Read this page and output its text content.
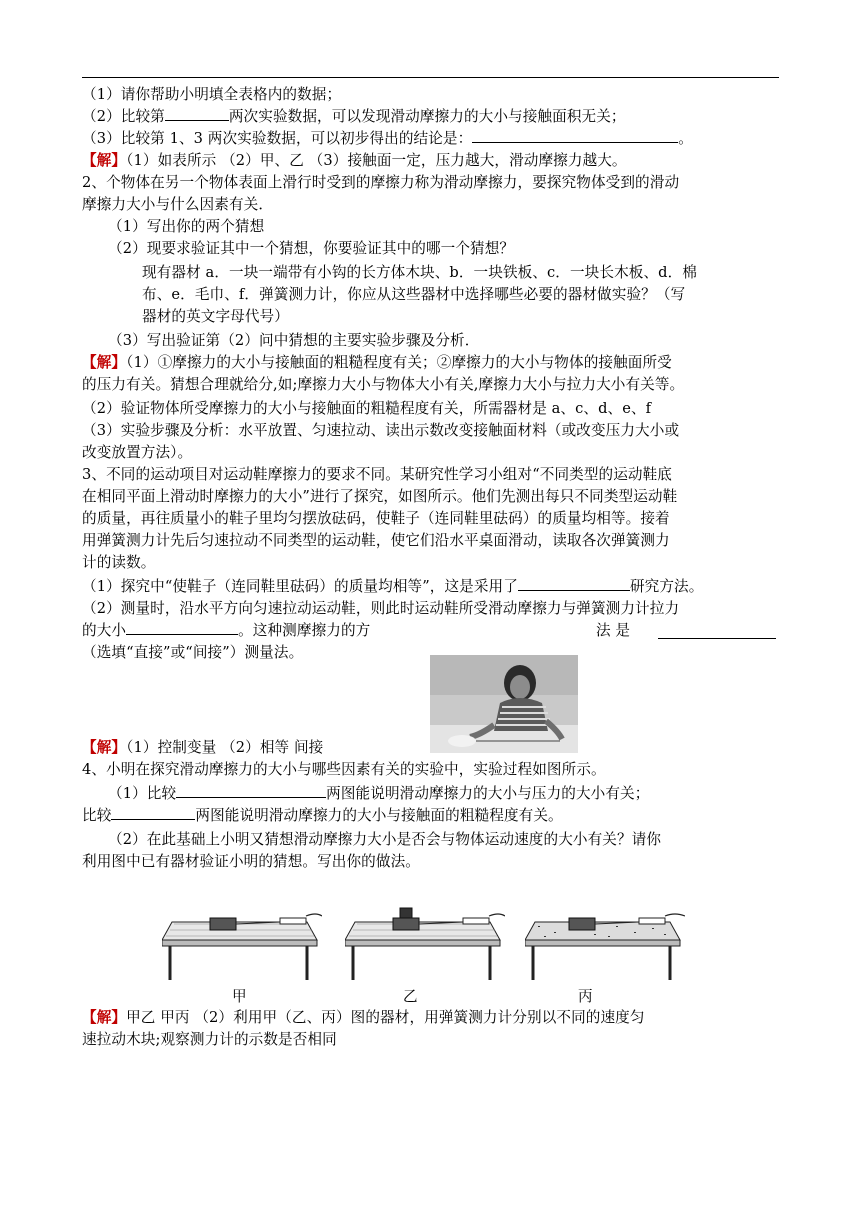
（1）请你帮助小明填全表格内的数据；
（2）比较第	两次实验数据，可以发现滑动摩擦力的大小与接触面积无关；
（3）比较第 1、3 两次实验数据，可以初步得出的结论是：	。
【解】（1）如表所示 （2）甲、乙 （3）接触面一定，压力越大，滑动摩擦力越大。
2、个物体在另一个物体表面上滑行时受到的摩擦力称为滑动摩擦力，要探究物体受到的滑动
摩擦力大小与什么因素有关．
（1）写出你的两个猜想
（2）现要求验证其中一个猜想，你要验证其中的哪一个猜想？
现有器材 a．一块一端带有小钩的长方体木块、b．一块铁板、c．一块长木板、d．棉
布、e．毛巾、f．弹簧测力计，你应从这些器材中选择哪些必要的器材做实验？（写
器材的英文字母代号）
（3）写出验证第（2）问中猜想的主要实验步骤及分析．
【解】（1）①摩擦力的大小与接触面的粗糙程度有关；②摩擦力的大小与物体的接触面所受
的压力有关。猜想合理就给分,如;摩擦力大小与物体大小有关,摩擦力大小与拉力大小有关等。
（2）验证物体所受摩擦力的大小与接触面的粗糙程度有关，所需器材是 a、c、d、e、f
（3）实验步骤及分析：水平放置、匀速拉动、读出示数改变接触面材料（或改变压力大小或
改变放置方法）。
3、不同的运动项目对运动鞋摩擦力的要求不同。某研究性学习小组对“不同类型的运动鞋底
在相同平面上滑动时摩擦力的大小”进行了探究，如图所示。他们先测出每只不同类型运动鞋
的质量，再往质量小的鞋子里均匀摆放砝码，使鞋子（连同鞋里砝码）的质量均相等。接着
用弹簧测力计先后匀速拉动不同类型的运动鞋，使它们沿水平桌面滑动，读取各次弹簧测力
计的读数。
（1）探究中“使鞋子（连同鞋里砝码）的质量均相等”，这是采用了	研究方法。
（2）测量时，沿水平方向匀速拉动运动鞋，则此时运动鞋所受滑动摩擦力与弹簧测力计拉力
的大小	。这种测摩擦力的方	法 是
（选填“直接”或“间接”）测量法。
【解】（1）控制变量 （2）相等 间接
4、小明在探究滑动摩擦力的大小与哪些因素有关的实验中，实验过程如图所示。
（1）比较	两图能说明滑动摩擦力的大小与压力的大小有关；
比较	两图能说明滑动摩擦力的大小与接触面的粗糙程度有关。
（2）在此基础上小明又猜想滑动摩擦力大小是否会与物体运动速度的大小有关？请你
利用图中已有器材验证小明的猜想。写出你的做法。
甲	乙	丙
【解】甲乙 甲丙 （2）利用甲（乙、丙）图的器材，用弹簧测力计分别以不同的速度匀
速拉动木块;观察测力计的示数是否相同
